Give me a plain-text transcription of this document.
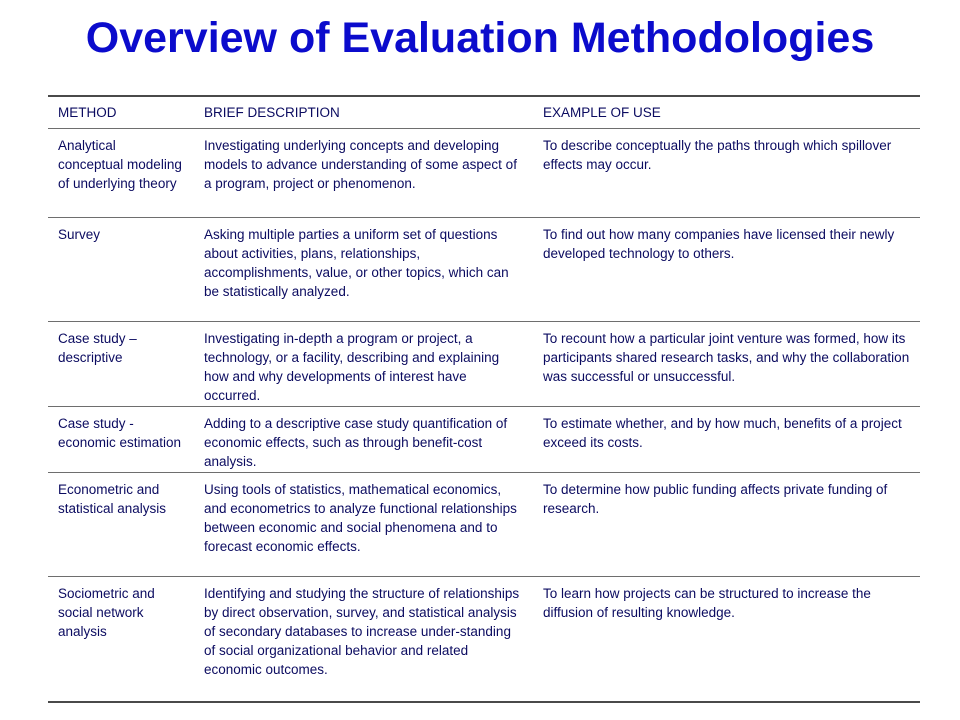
Overview of Evaluation Methodologies
METHOD	BRIEF DESCRIPTION	EXAMPLE OF USE

Analytical conceptual modeling of underlying theory	Investigating underlying concepts and developing models to advance understanding of some aspect of a program, project or phenomenon.	To describe conceptually the paths through which spillover effects may occur.

Survey	Asking multiple parties a uniform set of questions about activities, plans, relationships, accomplishments, value, or other topics, which can be statistically analyzed.	To find out how many companies have licensed their newly developed technology to others.

Case study – descriptive	Investigating in-depth a program or project, a technology, or a facility, describing and explaining how and why developments of interest have occurred.	To recount how a particular joint venture was formed, how its participants shared research tasks, and why the collaboration was successful or unsuccessful.

Case study - economic estimation	Adding to a descriptive case study quantification of economic effects, such as through benefit-cost analysis.	To estimate whether, and by how much, benefits of a project exceed its costs.

Econometric and statistical analysis	Using tools of statistics, mathematical economics, and econometrics to analyze functional relationships between economic and social phenomena and to forecast economic effects.	To determine how public funding affects private funding of research.

Sociometric and social network analysis	Identifying and studying the structure of relationships by direct observation, survey, and statistical analysis of secondary databases to increase under-standing of social organizational behavior and related economic outcomes.	To learn how projects can be structured to increase the diffusion of resulting knowledge.
